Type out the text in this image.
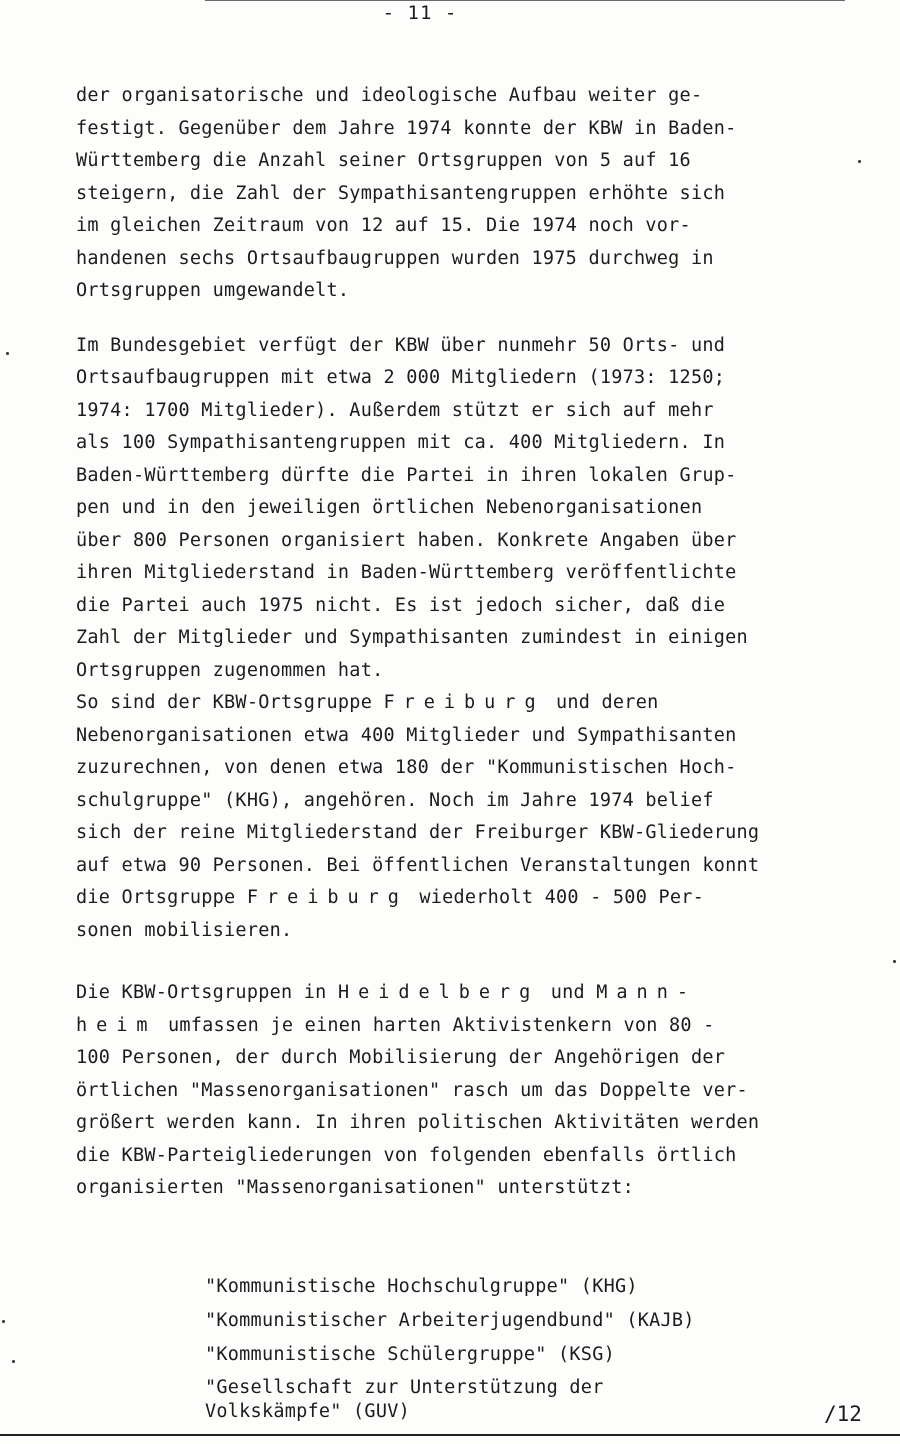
- 11 -

der organisatorische und ideologische Aufbau weiter ge-
festigt. Gegenüber dem Jahre 1974 konnte der KBW in Baden-
Württemberg die Anzahl seiner Ortsgruppen von 5 auf 16
steigern, die Zahl der Sympathisantengruppen erhöhte sich
im gleichen Zeitraum von 12 auf 15. Die 1974 noch vor-
handenen sechs Ortsaufbaugruppen wurden 1975 durchweg in
Ortsgruppen umgewandelt.

Im Bundesgebiet verfügt der KBW über nunmehr 50 Orts- und
Ortsaufbaugruppen mit etwa 2 000 Mitgliedern (1973: 1250;
1974: 1700 Mitglieder). Außerdem stützt er sich auf mehr
als 100 Sympathisantengruppen mit ca. 400 Mitgliedern. In
Baden-Württemberg dürfte die Partei in ihren lokalen Grup-
pen und in den jeweiligen örtlichen Nebenorganisationen
über 800 Personen organisiert haben. Konkrete Angaben über
ihren Mitgliederstand in Baden-Württemberg veröffentlichte
die Partei auch 1975 nicht. Es ist jedoch sicher, daß die
Zahl der Mitglieder und Sympathisanten zumindest in einigen
Ortsgruppen zugenommen hat.

So sind der KBW-Ortsgruppe Freiburg und deren
Nebenorganisationen etwa 400 Mitglieder und Sympathisanten
zuzurechnen, von denen etwa 180 der "Kommunistischen Hoch-
schulgruppe" (KHG), angehören. Noch im Jahre 1974 belief
sich der reine Mitgliederstand der Freiburger KBW-Gliederung
auf etwa 90 Personen. Bei öffentlichen Veranstaltungen konnt
die Ortsgruppe Freiburg wiederholt 400 - 500 Per-
sonen mobilisieren.

Die KBW-Ortsgruppen in Heidelberg und Mann-
heim umfassen je einen harten Aktivistenkern von 80 -
100 Personen, der durch Mobilisierung der Angehörigen der
örtlichen "Massenorganisationen" rasch um das Doppelte ver-
größert werden kann. In ihren politischen Aktivitäten werden
die KBW-Parteigliederungen von folgenden ebenfalls örtlich
organisierten "Massenorganisationen" unterstützt:

"Kommunistische Hochschulgruppe" (KHG)

"Kommunistischer Arbeiterjugendbund" (KAJB)

"Kommunistische Schülergruppe" (KSG)

"Gesellschaft zur Unterstützung der
Volkskämpfe" (GUV)	/12
